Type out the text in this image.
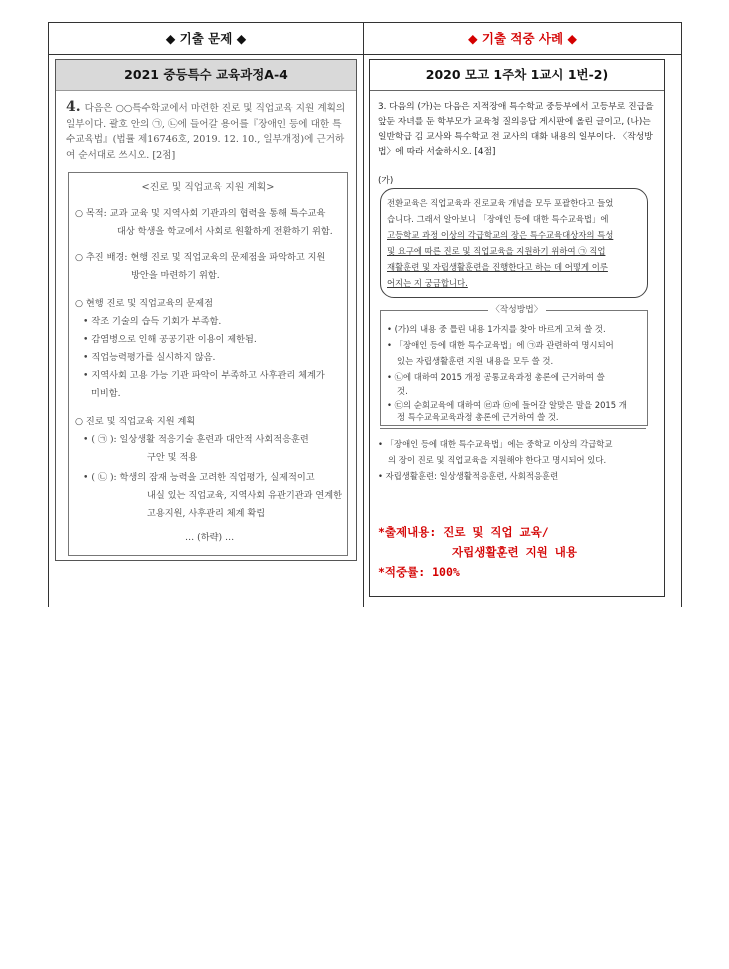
◆ 기출 문제 ◆	◆ 기출 적중 사례 ◆
2021 중등특수 교육과정A-4
4. 다음은 ○○특수학교에서 마련한 진로 및 직업교육 지원 계획의 일부이다. 괄호 안의 ㉠, ㉡에 들어갈 용어를『장애인 등에 대한 특수교육법』(법률 제16746호, 2019. 12. 10., 일부개정)에 근거하여 순서대로 쓰시오. [2점]
<진로 및 직업교육 지원 계획>
○ 목적: 교과 교육 및 지역사회 기관과의 협력을 통해 특수교육
대상 학생을 학교에서 사회로 원활하게 전환하기 위함.
○ 추진 배경: 현행 진로 및 직업교육의 문제점을 파악하고 지원
방안을 마련하기 위함.
○ 현행 진로 및 직업교육의 문제점
• 작조 기술의 습득 기회가 부족함.
• 감염병으로 인해 공공기관 이용이 제한됨.
• 직업능력평가를 실시하지 않음.
• 지역사회 고용 가능 기관 파악이 부족하고 사후관리 체계가
미비함.
○ 진로 및 직업교육 지원 계획
• ( ㉠ ): 일상생활 적응기술 훈련과 대안적 사회적응훈련
구안 및 적용
• ( ㉡ ): 학생의 잠재 능력을 고려한 직업평가, 실제적이고
내실 있는 직업교육, 지역사회 유관기관과 연계한
고용지원, 사후관리 체계 확립
… (하략) …
2020 모고 1주차 1교시 1번-2)
3. 다음의 (가)는 다음은 지적장애 특수학교 중등부에서 고등부로 진급을 앞둔 자녀를 둔 학부모가 교육청 질의응답 게시판에 올린 글이고, (나)는 일반학급 김 교사와 특수학교 전 교사의 대화 내용의 일부이다. 〈작성방법〉에 따라 서술하시오. [4점]
(가)
전환교육은 직업교육과 진로교육 개념을 모두 포괄한다고 들었
습니다. 그래서 알아보니 「장애인 등에 대한 특수교육법」에
고등학교 과정 이상의 각급학교의 장은 특수교육대상자의 특성
및 요구에 따른 진로 및 직업교육을 지원하기 위하여 ㉠ 직업
재활훈련 및 자립생활훈련을 진행한다고 하는 데 어떻게 이루
어지는 지 궁금합니다.
〈작성방법〉
• (가)의 내용 중 틀린 내용 1가지를 찾아 바르게 고쳐 쓸 것.
• 「장애인 등에 대한 특수교육법」에 ㉠과 관련하여 명시되어
있는 자립생활훈련 지원 내용을 모두 쓸 것.
• ㉡에 대하여 2015 개정 공통교육과정 총론에 근거하여 쓸
것.
• ㉢의 순회교육에 대하여 ㉣과 ㉤에 들어갈 알맞은 말을 2015 개
정 특수교육교육과정 총론에 근거하여 쓸 것.
• 「장애인 등에 대한 특수교육법」에는 중학교 이상의 각급학교
의 장이 진로 및 직업교육을 지원해야 한다고 명시되어 있다.
• 자립생활훈련: 일상생활적응훈련, 사회적응훈련
*출제내용: 진로 및 직업 교육/
자립생활훈련 지원 내용
*적중률: 100%
